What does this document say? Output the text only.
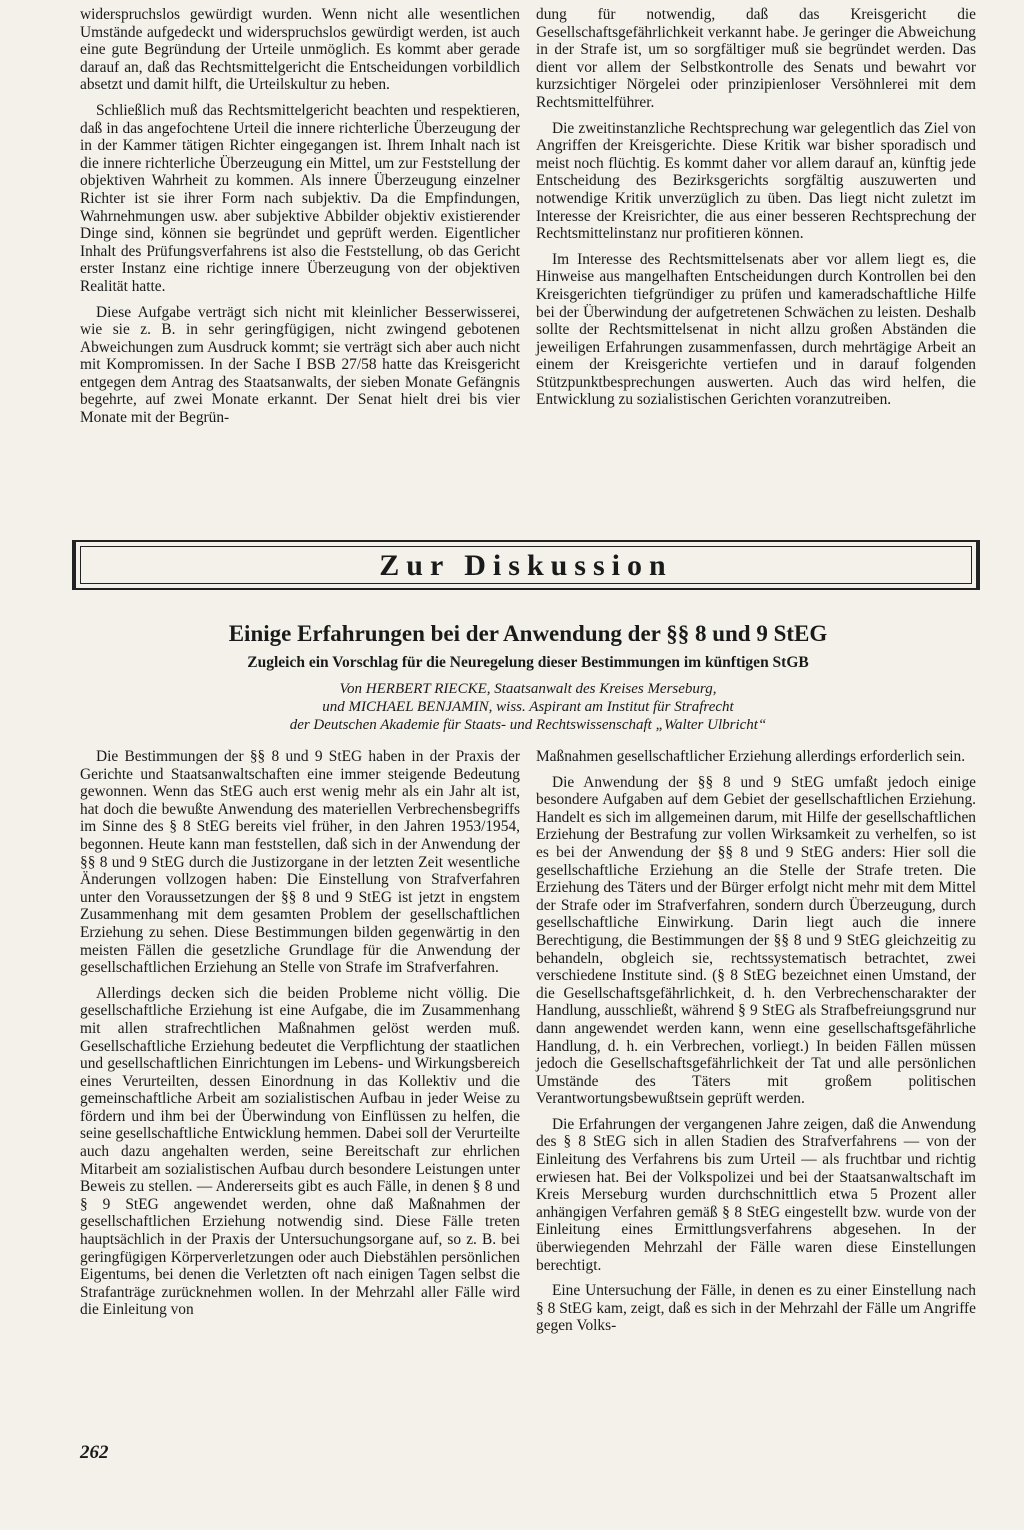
widerspruchslos gewürdigt wurden. Wenn nicht alle wesentlichen Umstände aufgedeckt und widerspruchslos gewürdigt werden, ist auch eine gute Begründung der Urteile unmöglich. Es kommt aber gerade darauf an, daß das Rechtsmittelgericht die Entscheidungen vorbildlich absetzt und damit hilft, die Urteilskultur zu heben.

Schließlich muß das Rechtsmittelgericht beachten und respektieren, daß in das angefochtene Urteil die innere richterliche Überzeugung der in der Kammer tätigen Richter eingegangen ist. Ihrem Inhalt nach ist die innere richterliche Überzeugung ein Mittel, um zur Feststellung der objektiven Wahrheit zu kommen. Als innere Überzeugung einzelner Richter ist sie ihrer Form nach subjektiv. Da die Empfindungen, Wahrnehmungen usw. aber subjektive Abbilder objektiv existierender Dinge sind, können sie begründet und geprüft werden. Eigentlicher Inhalt des Prüfungsverfahrens ist also die Feststellung, ob das Gericht erster Instanz eine richtige innere Überzeugung von der objektiven Realität hatte.

Diese Aufgabe verträgt sich nicht mit kleinlicher Besserwisserei, wie sie z. B. in sehr geringfügigen, nicht zwingend gebotenen Abweichungen zum Ausdruck kommt; sie verträgt sich aber auch nicht mit Kompromissen. In der Sache I BSB 27/58 hatte das Kreisgericht entgegen dem Antrag des Staatsanwalts, der sieben Monate Gefängnis begehrte, auf zwei Monate erkannt. Der Senat hielt drei bis vier Monate mit der Begrün-

dung für notwendig, daß das Kreisgericht die Gesellschaftsgefährlichkeit verkannt habe. Je geringer die Abweichung in der Strafe ist, um so sorgfältiger muß sie begründet werden. Das dient vor allem der Selbstkontrolle des Senats und bewahrt vor kurzsichtiger Nörgelei oder prinzipienloser Versöhnlerei mit dem Rechtsmittelführer.

Die zweitinstanzliche Rechtsprechung war gelegentlich das Ziel von Angriffen der Kreisgerichte. Diese Kritik war bisher sporadisch und meist noch flüchtig. Es kommt daher vor allem darauf an, künftig jede Entscheidung des Bezirksgerichts sorgfältig auszuwerten und notwendige Kritik unverzüglich zu üben. Das liegt nicht zuletzt im Interesse der Kreisrichter, die aus einer besseren Rechtsprechung der Rechtsmittelinstanz nur profitieren können.

Im Interesse des Rechtsmittelsenats aber vor allem liegt es, die Hinweise aus mangelhaften Entscheidungen durch Kontrollen bei den Kreisgerichten tiefgründiger zu prüfen und kameradschaftliche Hilfe bei der Überwindung der aufgetretenen Schwächen zu leisten. Deshalb sollte der Rechtsmittelsenat in nicht allzu großen Abständen die jeweiligen Erfahrungen zusammenfassen, durch mehrtägige Arbeit an einem der Kreisgerichte vertiefen und in darauf folgenden Stützpunktbesprechungen auswerten. Auch das wird helfen, die Entwicklung zu sozialistischen Gerichten voranzutreiben.

Zur Diskussion
Einige Erfahrungen bei der Anwendung der §§ 8 und 9 StEG
Zugleich ein Vorschlag für die Neuregelung dieser Bestimmungen im künftigen StGB
Von HERBERT RIECKE, Staatsanwalt des Kreises Merseburg,
und MICHAEL BENJAMIN, wiss. Aspirant am Institut für Strafrecht
der Deutschen Akademie für Staats- und Rechtswissenschaft „Walter Ulbricht“

Die Bestimmungen der §§ 8 und 9 StEG haben in der Praxis der Gerichte und Staatsanwaltschaften eine immer steigende Bedeutung gewonnen. Wenn das StEG auch erst wenig mehr als ein Jahr alt ist, hat doch die bewußte Anwendung des materiellen Verbrechensbegriffs im Sinne des § 8 StEG bereits viel früher, in den Jahren 1953/1954, begonnen. Heute kann man feststellen, daß sich in der Anwendung der §§ 8 und 9 StEG durch die Justizorgane in der letzten Zeit wesentliche Änderungen vollzogen haben: Die Einstellung von Strafverfahren unter den Voraussetzungen der §§ 8 und 9 StEG ist jetzt in engstem Zusammenhang mit dem gesamten Problem der gesellschaftlichen Erziehung zu sehen. Diese Bestimmungen bilden gegenwärtig in den meisten Fällen die gesetzliche Grundlage für die Anwendung der gesellschaftlichen Erziehung an Stelle von Strafe im Strafverfahren.

Allerdings decken sich die beiden Probleme nicht völlig. Die gesellschaftliche Erziehung ist eine Aufgabe, die im Zusammenhang mit allen strafrechtlichen Maßnahmen gelöst werden muß. Gesellschaftliche Erziehung bedeutet die Verpflichtung der staatlichen und gesellschaftlichen Einrichtungen im Lebens- und Wirkungsbereich eines Verurteilten, dessen Einordnung in das Kollektiv und die gemeinschaftliche Arbeit am sozialistischen Aufbau in jeder Weise zu fördern und ihm bei der Überwindung von Einflüssen zu helfen, die seine gesellschaftliche Entwicklung hemmen. Dabei soll der Verurteilte auch dazu angehalten werden, seine Bereitschaft zur ehrlichen Mitarbeit am sozialistischen Aufbau durch besondere Leistungen unter Beweis zu stellen. — Andererseits gibt es auch Fälle, in denen § 8 und § 9 StEG angewendet werden, ohne daß Maßnahmen der gesellschaftlichen Erziehung notwendig sind. Diese Fälle treten hauptsächlich in der Praxis der Untersuchungsorgane auf, so z. B. bei geringfügigen Körperverletzungen oder auch Diebstählen persönlichen Eigentums, bei denen die Verletzten oft nach einigen Tagen selbst die Strafanträge zurücknehmen wollen. In der Mehrzahl aller Fälle wird die Einleitung von

Maßnahmen gesellschaftlicher Erziehung allerdings erforderlich sein.

Die Anwendung der §§ 8 und 9 StEG umfaßt jedoch einige besondere Aufgaben auf dem Gebiet der gesellschaftlichen Erziehung. Handelt es sich im allgemeinen darum, mit Hilfe der gesellschaftlichen Erziehung der Bestrafung zur vollen Wirksamkeit zu verhelfen, so ist es bei der Anwendung der §§ 8 und 9 StEG anders: Hier soll die gesellschaftliche Erziehung an die Stelle der Strafe treten. Die Erziehung des Täters und der Bürger erfolgt nicht mehr mit dem Mittel der Strafe oder im Strafverfahren, sondern durch Überzeugung, durch gesellschaftliche Einwirkung. Darin liegt auch die innere Berechtigung, die Bestimmungen der §§ 8 und 9 StEG gleichzeitig zu behandeln, obgleich sie, rechtssystematisch betrachtet, zwei verschiedene Institute sind. (§ 8 StEG bezeichnet einen Umstand, der die Gesellschaftsgefährlichkeit, d. h. den Verbrechenscharakter der Handlung, ausschließt, während § 9 StEG als Strafbefreiungsgrund nur dann angewendet werden kann, wenn eine gesellschaftsgefährliche Handlung, d. h. ein Verbrechen, vorliegt.) In beiden Fällen müssen jedoch die Gesellschaftsgefährlichkeit der Tat und alle persönlichen Umstände des Täters mit großem politischen Verantwortungsbewußtsein geprüft werden.

Die Erfahrungen der vergangenen Jahre zeigen, daß die Anwendung des § 8 StEG sich in allen Stadien des Strafverfahrens — von der Einleitung des Verfahrens bis zum Urteil — als fruchtbar und richtig erwiesen hat. Bei der Volkspolizei und bei der Staatsanwaltschaft im Kreis Merseburg wurden durchschnittlich etwa 5 Prozent aller anhängigen Verfahren gemäß § 8 StEG eingestellt bzw. wurde von der Einleitung eines Ermittlungsverfahrens abgesehen. In der überwiegenden Mehrzahl der Fälle waren diese Einstellungen berechtigt.

Eine Untersuchung der Fälle, in denen es zu einer Einstellung nach § 8 StEG kam, zeigt, daß es sich in der Mehrzahl der Fälle um Angriffe gegen Volks-

262
